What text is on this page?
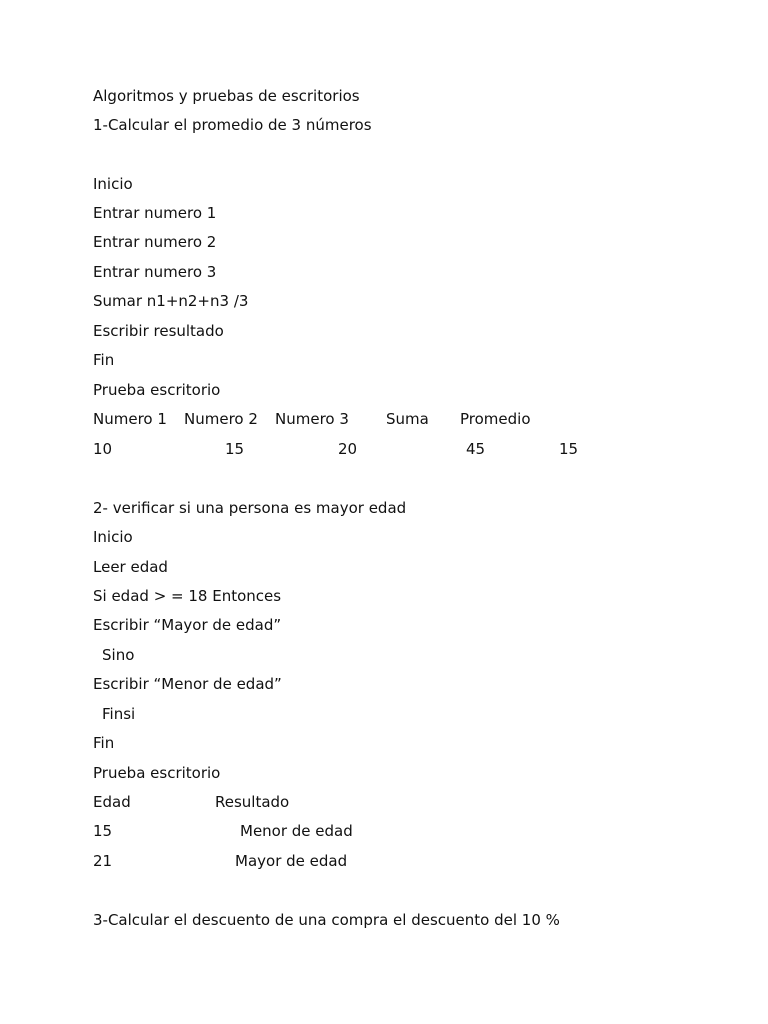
Algoritmos y pruebas de escritorios
1-Calcular el promedio de 3 números
Inicio
Entrar numero 1
Entrar numero 2
Entrar numero 3
Sumar n1+n2+n3 /3
Escribir resultado
Fin
Prueba escritorio
Numero 1 Numero 2 Numero 3 Suma Promedio
10	15	20	45	15
2- verificar si una persona es mayor edad
Inicio
Leer edad
Si edad > = 18 Entonces
Escribir “Mayor de edad”
Sino
Escribir “Menor de edad”
Finsi
Fin
Prueba escritorio
Edad	Resultado
15	Menor de edad
21	Mayor de edad
3-Calcular el descuento de una compra el descuento del 10 %
